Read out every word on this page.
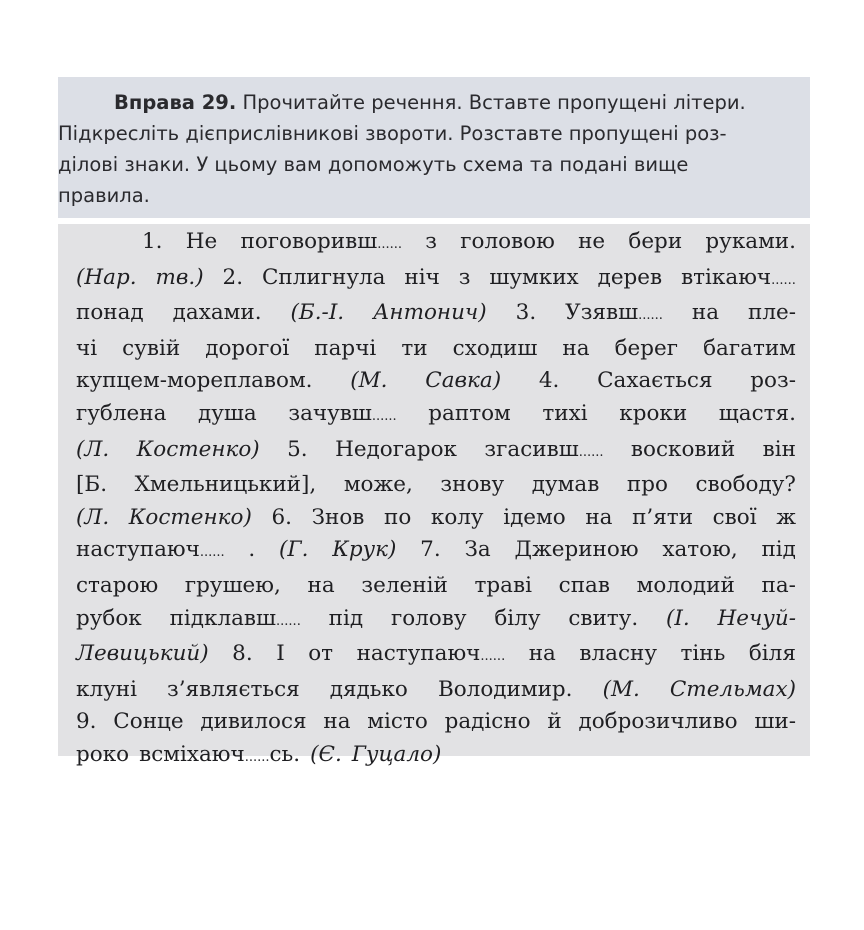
Вправа 29. Прочитайте речення. Вставте пропущені літери.
Підкресліть дієприслівникові звороти. Розставте пропущені роз-
ділові знаки. У цьому вам допоможуть схема та подані вище
правила.

1. Не поговоривш...... з головою не бери руками.
(Нар. тв.) 2. Сплигнула ніч з шумких дерев втікаюч......
понад дахами. (Б.-І. Антонич) 3. Узявш...... на пле-
чі сувій дорогої парчі ти сходиш на берег багатим
купцем-мореплавом. (М. Савка) 4. Сахається роз-
гублена душа зачувш...... раптом тихі кроки щастя.
(Л. Костенко) 5. Недогарок згасивш...... восковий він
[Б. Хмельницький], може, знову думав про свободу?
(Л. Костенко) 6. Знов по колу ідемо на п’яти свої ж
наступаюч...... . (Г. Крук) 7. За Джериною хатою, під
старою грушею, на зеленій траві спав молодий па-
рубок підклавш...... під голову білу свиту. (І. Нечуй-
Левицький) 8. І от наступаюч...... на власну тінь біля
клуні з’являється дядько Володимир. (М. Стельмах)
9. Сонце дивилося на місто радісно й доброзичливо ши-
роко всміхаюч......сь. (Є. Гуцало)
